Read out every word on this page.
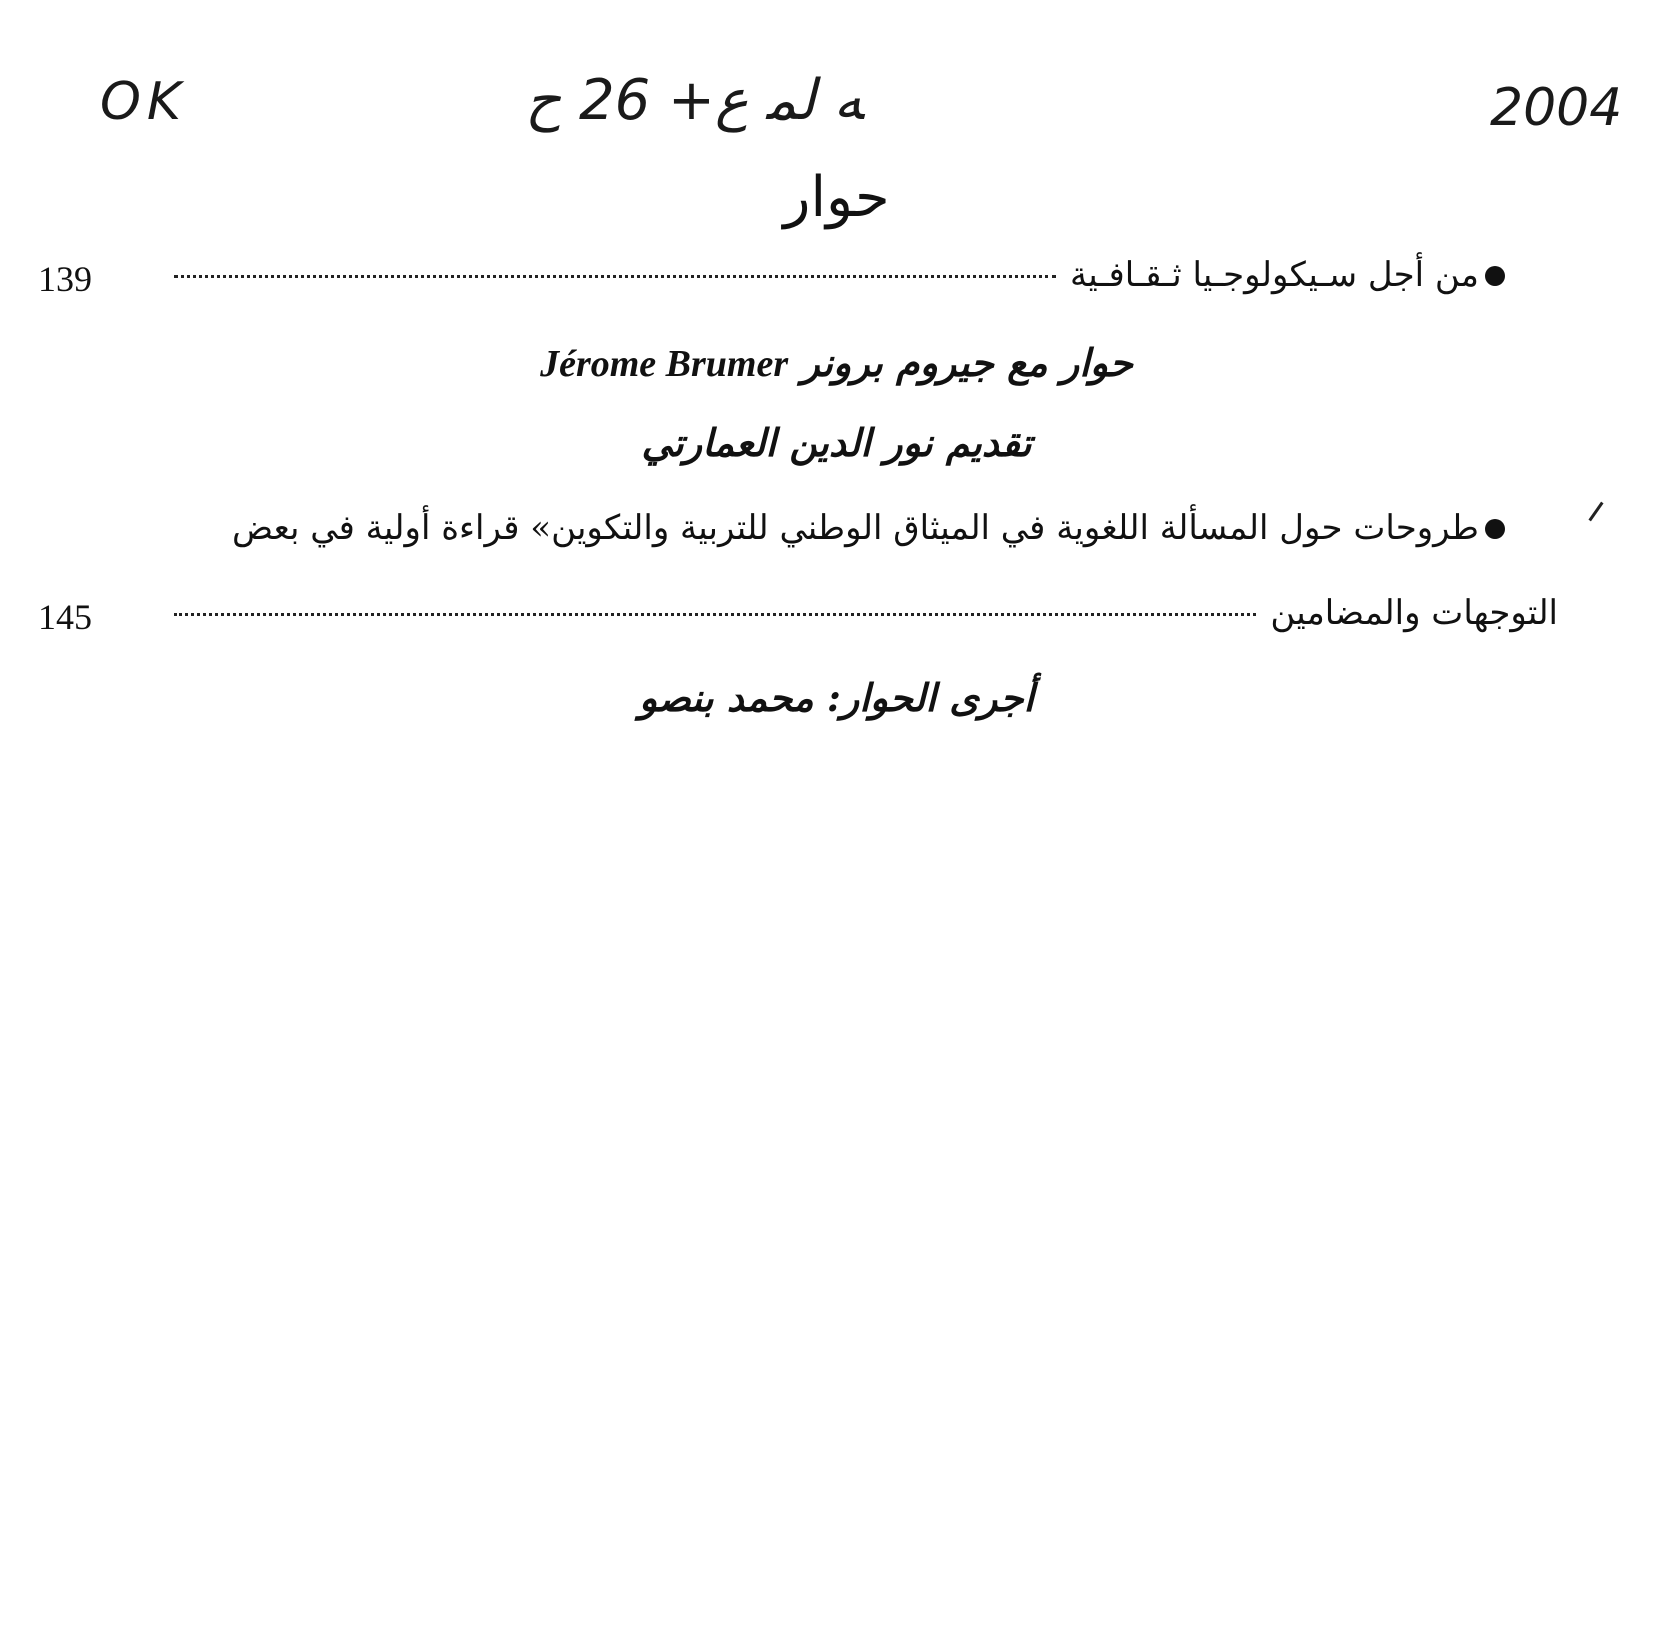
OK	ﻪ ﻟﻤ ﻉ+ 26 ﺡ	2004
حوار
من أجل سـيكولوجـيا ثـقـافـية
139
حوار مع جيروم برونر Jérome Brumer
تقديم نور الدين العمارتي
طروحات حول المسألة اللغوية في الميثاق الوطني للتربية والتكوين» قراءة أولية في بعض
التوجهات والمضامين
145
أجرى الحوار: محمد بنصو
